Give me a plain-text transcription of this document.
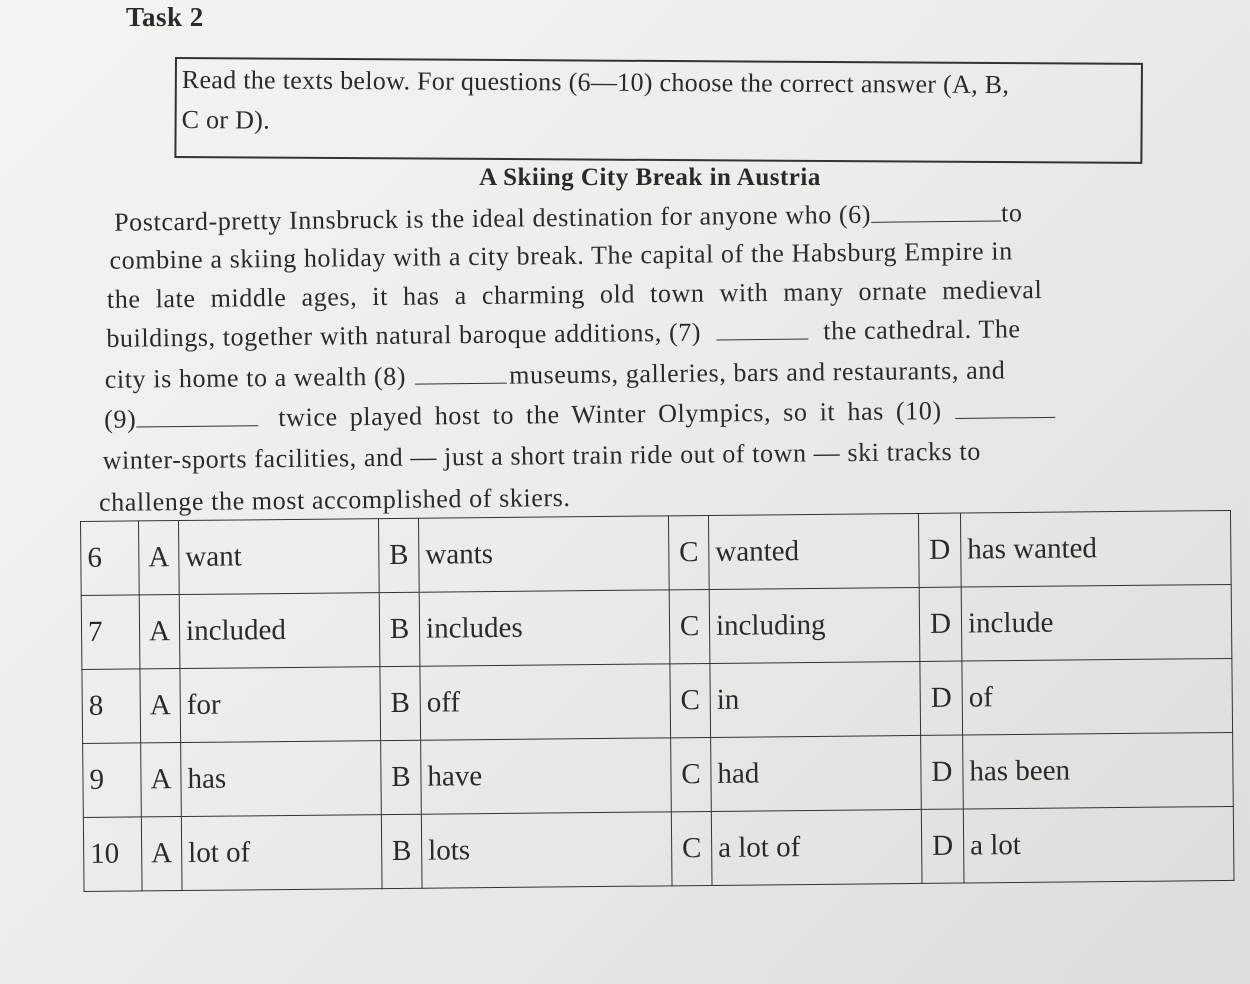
Task 2
Read the texts below. For questions (6—10) choose the correct answer (A, B,
C or D).
A Skiing City Break in Austria
Postcard-pretty Innsbruck is the ideal destination for anyone who (6)	to
combine a skiing holiday with a city break. The capital of the Habsburg Empire in
the late middle ages, it has a charming old town with many ornate medieval
buildings, together with natural baroque additions, (7)	the cathedral. The
city is home to a wealth (8)	museums, galleries, bars and restaurants, and
(9)	twice played host to the Winter Olympics, so it has (10)
winter-sports facilities, and — just a short train ride out of town — ski tracks to
challenge the most accomplished of skiers.
6	A	want	B	wants	C	wanted	D	has wanted
7	A	included	B	includes	C	including	D	include
8	A	for	B	off	C	in	D	of
9	A	has	B	have	C	had	D	has been
10	A	lot of	B	lots	C	a lot of	D	a lot
